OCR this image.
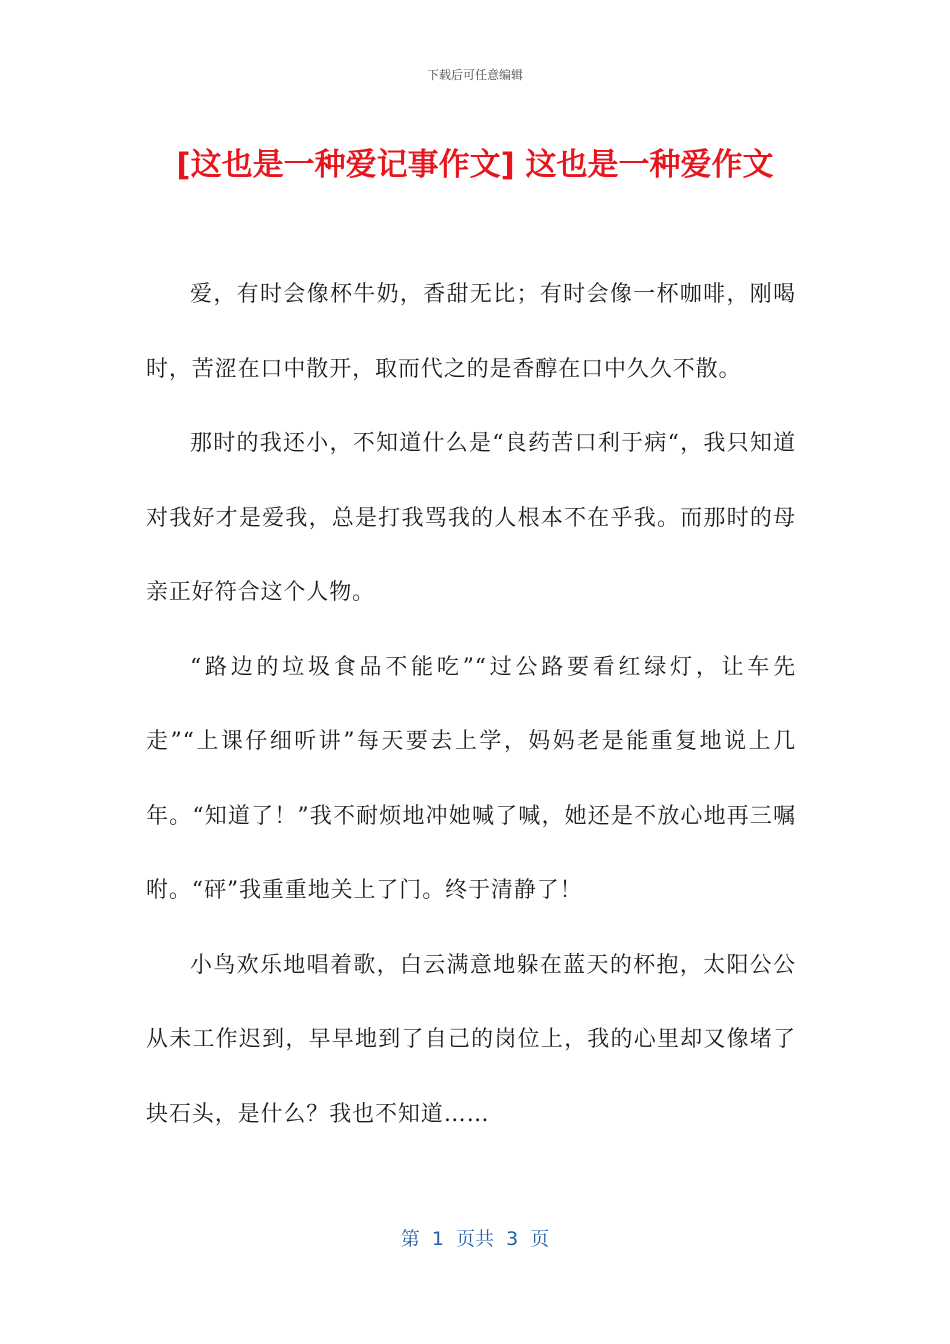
下载后可任意编辑
[这也是一种爱记事作文] 这也是一种爱作文

爱，有时会像杯牛奶，香甜无比；有时会像一杯咖啡，刚喝时，苦涩在口中散开，取而代之的是香醇在口中久久不散。

那时的我还小，不知道什么是“良药苦口利于病“，我只知道对我好才是爱我，总是打我骂我的人根本不在乎我。而那时的母亲正好符合这个人物。

“路边的垃圾食品不能吃”“过公路要看红绿灯，让车先走”“上课仔细听讲”每天要去上学，妈妈老是能重复地说上几年。“知道了！”我不耐烦地冲她喊了喊，她还是不放心地再三嘱咐。“砰”我重重地关上了门。终于清静了！

小鸟欢乐地唱着歌，白云满意地躲在蓝天的杯抱，太阳公公从未工作迟到，早早地到了自己的岗位上，我的心里却又像堵了块石头，是什么？我也不知道……

第  1  页共  3  页
